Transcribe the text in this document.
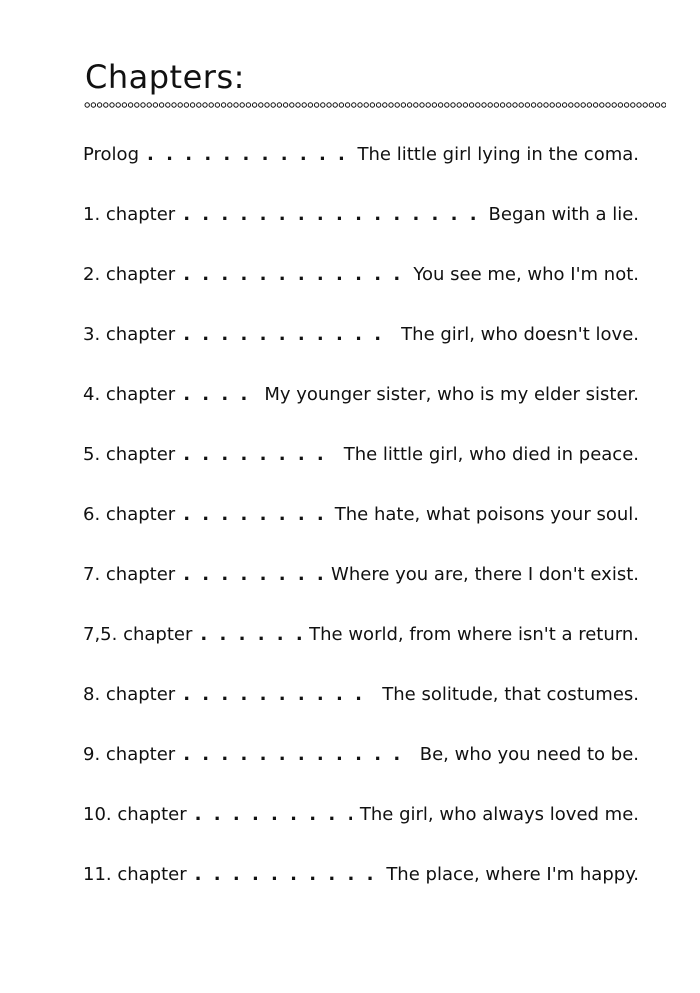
Chapters:
Prolog . . .	The little girl lying in the coma.
1. chapter . . .	Began with a lie.
2. chapter . . .	You see me, who I'm not.
3. chapter . . .	The girl, who doesn't love.
4. chapter . . .	My younger sister, who is my elder sister.
5. chapter . . .	The little girl, who died in peace.
6. chapter . . .	The hate, what poisons your soul.
7. chapter . . .	Where you are, there I don't exist.
7,5. chapter . . .	The world, from where isn't a return.
8. chapter . . .	The solitude, that costumes.
9. chapter . . .	Be, who you need to be.
10. chapter . . .	The girl, who always loved me.
11. chapter . . .	The place, where I'm happy.
